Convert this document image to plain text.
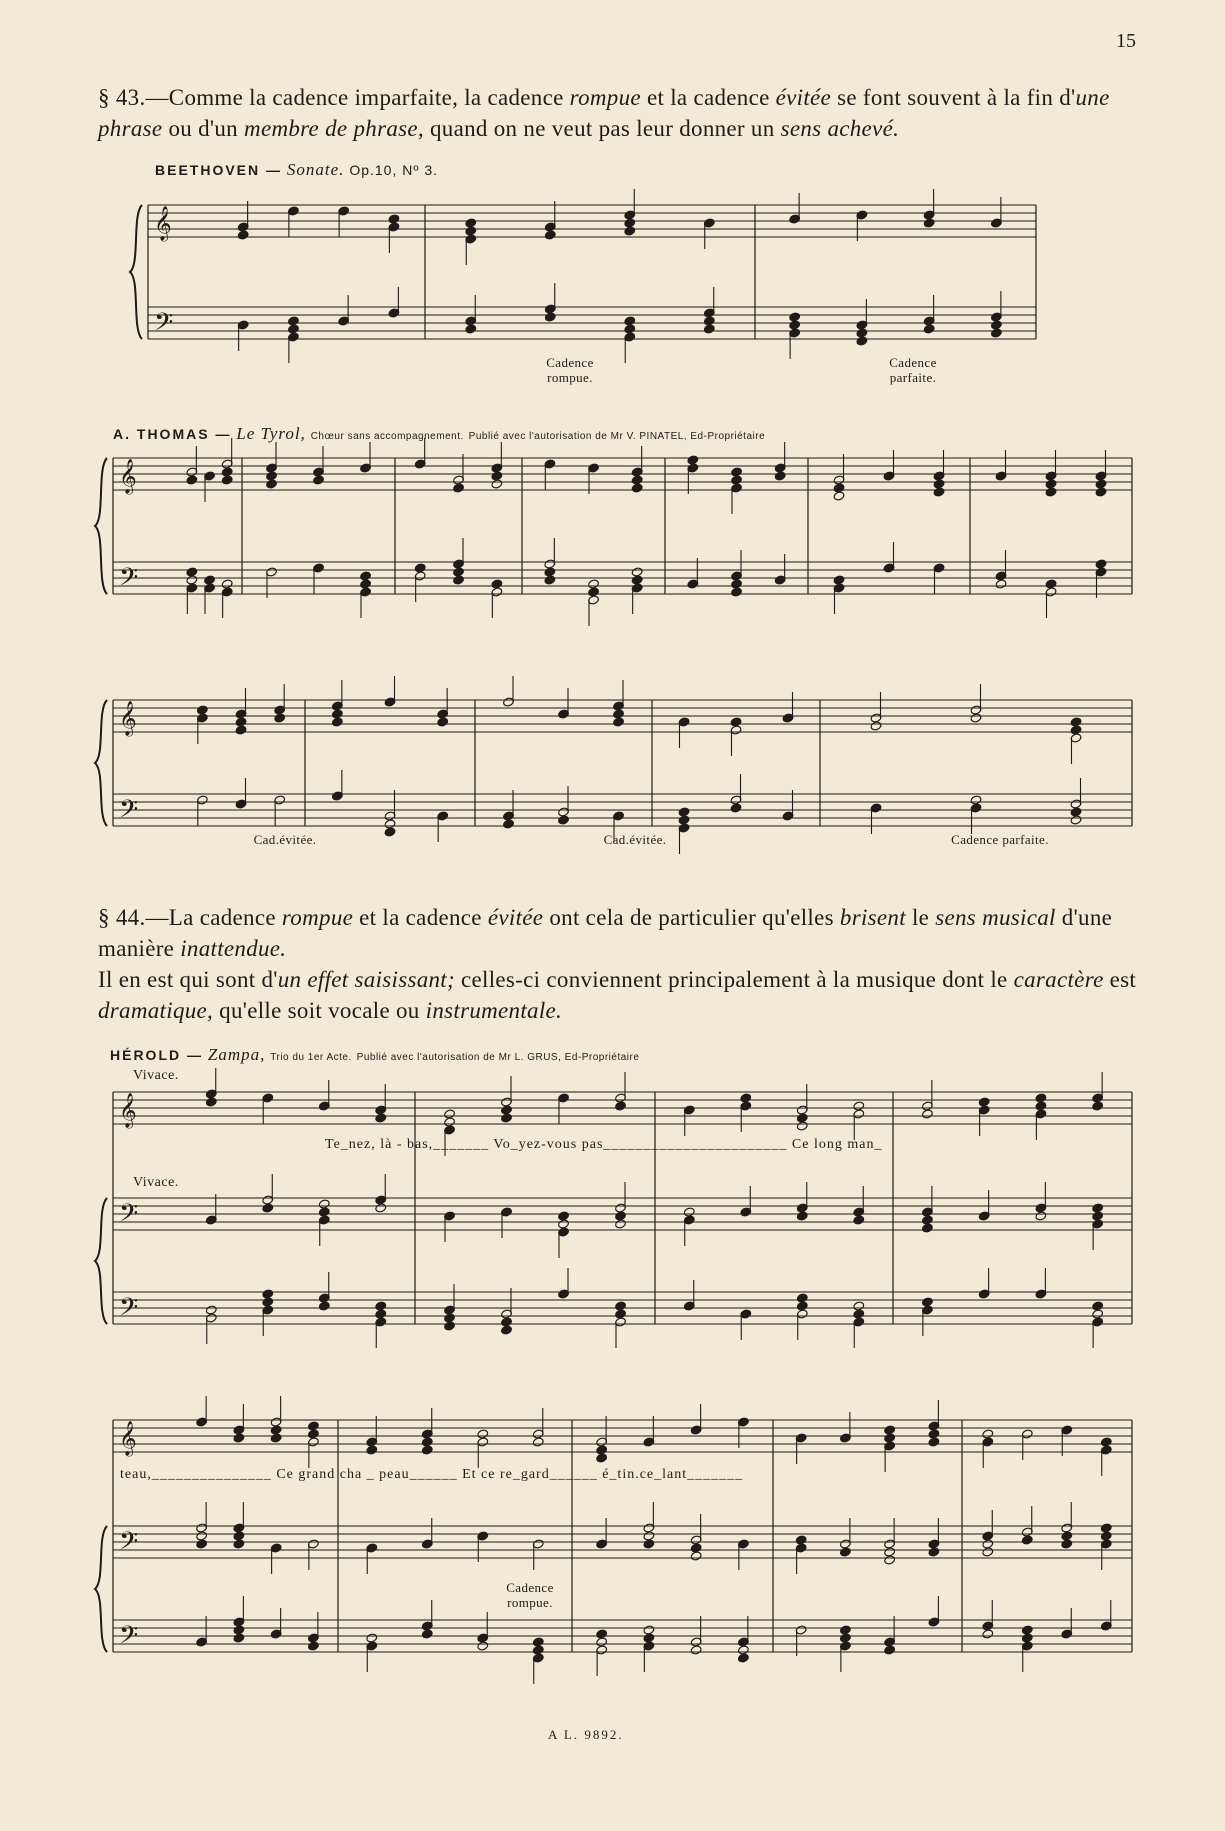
15
§ 43.—Comme la cadence imparfaite, la cadence rompue et la cadence évitée se font souvent à la fin d'une phrase ou d'un membre de phrase, quand on ne veut pas leur donner un sens achevé.
BEETHOVEN — Sonate. Op.10, Nº 3.
A. THOMAS — Le Tyrol, Chœur sans accompagnement. Publié avec l'autorisation de Mr V. PINATEL, Ed-Propriétaire
§ 44.—La cadence rompue et la cadence évitée ont cela de particulier qu'elles brisent le sens musical d'une manière inattendue.
Il en est qui sont d'un effet saisissant; celles-ci conviennent principalement à la musique dont le caractère est dramatique, qu'elle soit vocale ou instrumentale.
HÉROLD — Zampa, Trio du 1er Acte. Publié avec l'autorisation de Mr L. GRUS, Ed-Propriétaire
𝄞
𝄢
𝄞
𝄢
𝄞
𝄢
𝄞
𝄢
𝄢
𝄞
𝄢
𝄢
Cadence rompue.
Cadence parfaite.
Cad.évitée.	Cad.évitée.	Cadence parfaite.
Vivace.
Vivace.
Te_nez, là - bas,_______ Vo_yez-vous pas_______________________ Ce long man_
teau,_______________ Ce grand cha _ peau______ Et ce re_gard______ é_tin.ce_lant_______
Cadence rompue.
A L. 9892.
